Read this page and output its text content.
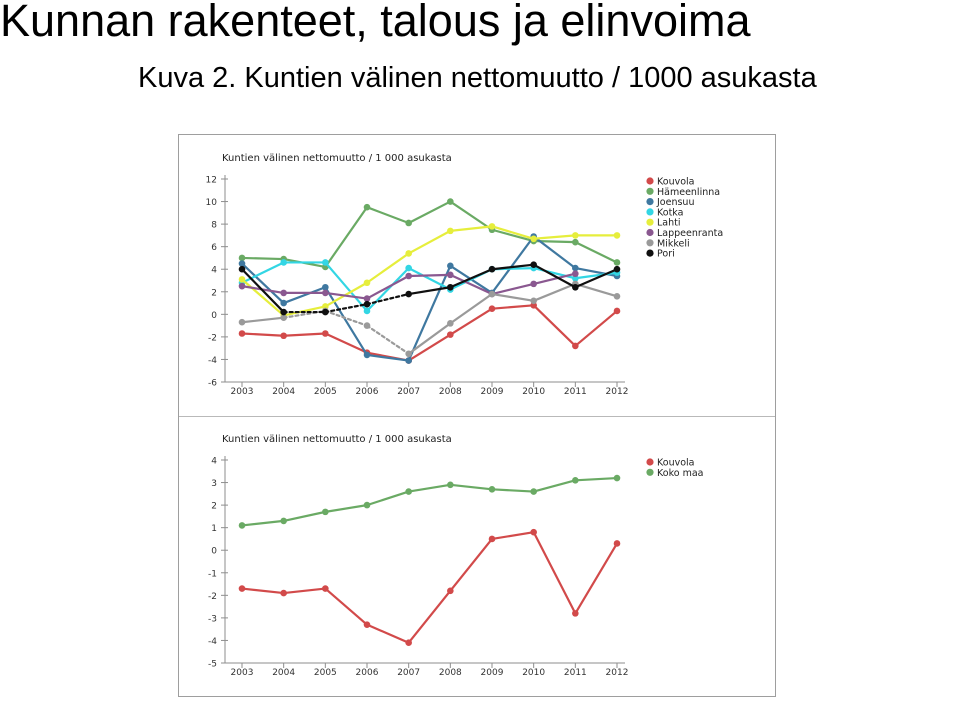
Kunnan rakenteet, talous ja elinvoima
Kuva 2. Kuntien välinen nettomuutto / 1000 asukasta
Kuntien välinen nettomuutto / 1 000 asukasta
12
10
8
6
4
2
0
-2
-4
-6
2003 2004 2005 2006 2007 2008 2009 2010 2011 2012
Kouvola
Hämeenlinna
Joensuu
Kotka
Lahti
Lappeenranta
Mikkeli
Pori
Kuntien välinen nettomuutto / 1 000 asukasta
4
3
2
1
0
-1
-2
-3
-4
-5
2003 2004 2005 2006 2007 2008 2009 2010 2011 2012
Kouvola
Koko maa
